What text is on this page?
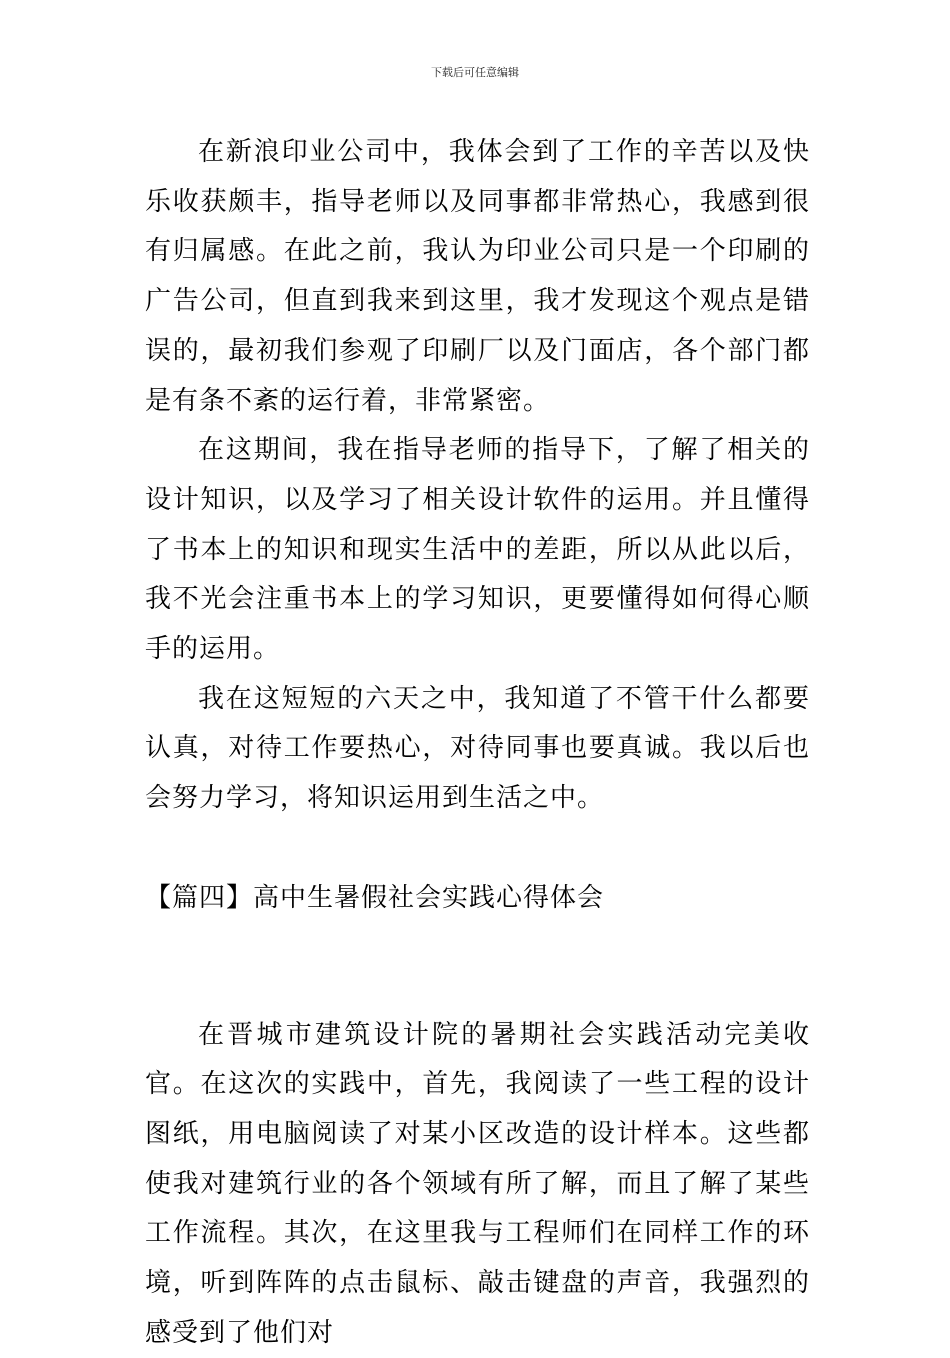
下载后可任意编辑

在新浪印业公司中，我体会到了工作的辛苦以及快乐收获颇丰，指导老师以及同事都非常热心，我感到很有归属感。在此之前，我认为印业公司只是一个印刷的广告公司，但直到我来到这里，我才发现这个观点是错误的，最初我们参观了印刷厂以及门面店，各个部门都是有条不紊的运行着，非常紧密。

在这期间，我在指导老师的指导下，了解了相关的设计知识，以及学习了相关设计软件的运用。并且懂得了书本上的知识和现实生活中的差距，所以从此以后，我不光会注重书本上的学习知识，更要懂得如何得心顺手的运用。

我在这短短的六天之中，我知道了不管干什么都要认真，对待工作要热心，对待同事也要真诚。我以后也会努力学习，将知识运用到生活之中。

【篇四】高中生暑假社会实践心得体会

在晋城市建筑设计院的暑期社会实践活动完美收官。在这次的实践中，首先，我阅读了一些工程的设计图纸，用电脑阅读了对某小区改造的设计样本。这些都使我对建筑行业的各个领域有所了解，而且了解了某些工作流程。其次，在这里我与工程师们在同样工作的环境，听到阵阵的点击鼠标、敲击键盘的声音，我强烈的感受到了他们对
